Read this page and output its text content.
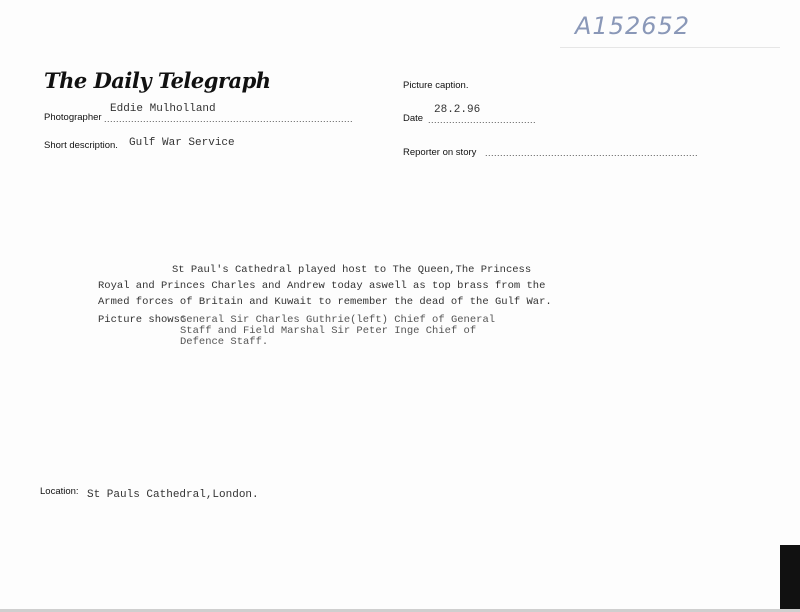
A152652
The Daily Telegraph
Photographer
Eddie Mulholland
...................................................................................
Short description. Gulf War Service
Picture caption.
Date
28.2.96
....................................
Reporter on story .......................................................................
St Paul's Cathedral played host to The Queen,The Princess
Royal and Princes Charles and Andrew today aswell as top brass from the
Armed forces of Britain and Kuwait to remember the dead of the Gulf War.
Picture shows:
General Sir Charles Guthrie(left) Chief of General
Staff and Field Marshal Sir Peter Inge Chief of
Defence Staff.
Location: St Pauls Cathedral,London.
